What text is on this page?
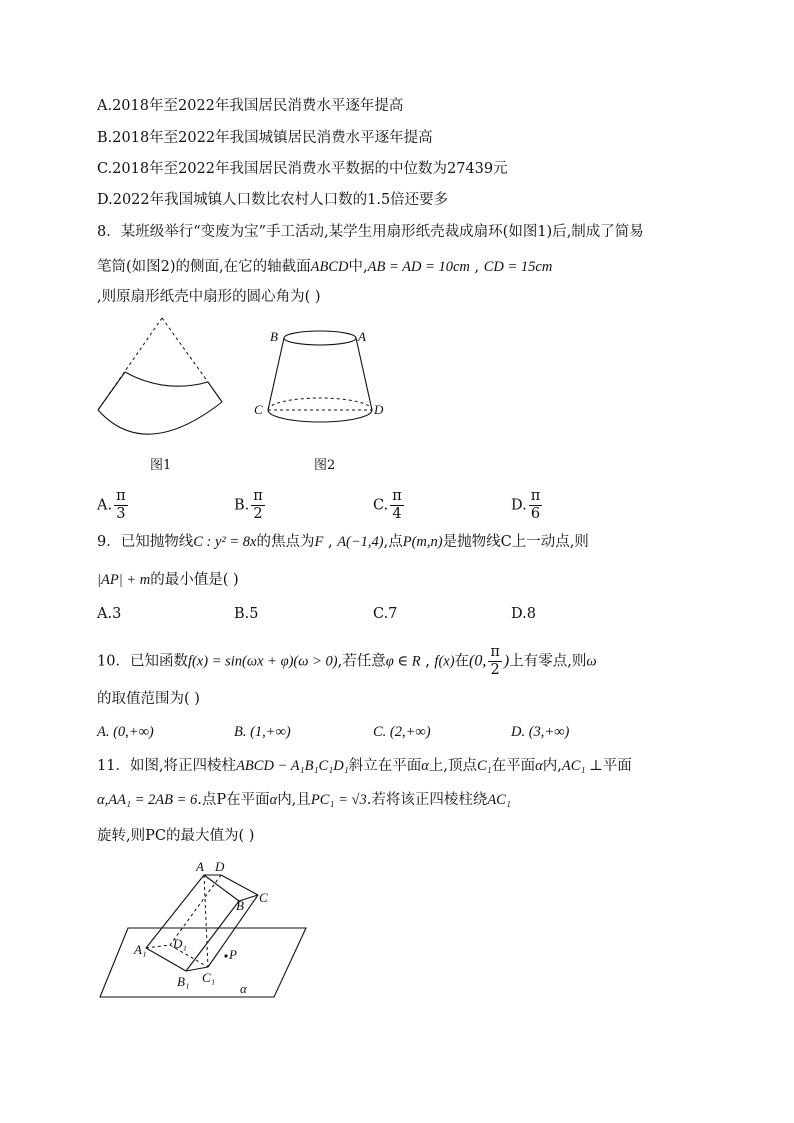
A.2018年至2022年我国居民消费水平逐年提高
B.2018年至2022年我国城镇居民消费水平逐年提高
C.2018年至2022年我国居民消费水平数据的中位数为27439元
D.2022年我国城镇人口数比农村人口数的1.5倍还要多
8．某班级举行“变废为宝”手工活动,某学生用扇形纸壳裁成扇环(如图1)后,制成了简易
笔筒(如图2)的侧面,在它的轴截面ABCD中,AB = AD = 10cm , CD = 15cm
,则原扇形纸壳中扇形的圆心角为( )
图1
B	A
C	D
图2
A. $\frac{\pi}{3}$	B. $\frac{\pi}{2}$	C. $\frac{\pi}{4}$	D. $\frac{\pi}{6}$
9．已知抛物线C : y² = 8x的焦点为F , A(−1,4),点P(m,n)是抛物线C上一动点,则
|AP| + m的最小值是( )
A.3	B.5	C.7	D.8
10．已知函数f(x) = sin(ωx + φ)(ω > 0),若任意φ ∈ R , f(x)在(0, $\frac{\pi}{2}$ )上有零点,则ω
的取值范围为( )
A. (0,+∞)	B. (1,+∞)	C. (2,+∞)	D. (3,+∞)
11．如图,将正四棱柱ABCD − A₁B₁C₁D₁斜立在平面α上,顶点C₁在平面α内,AC₁ ⊥平面
α,AA₁ = 2AB = 6.点P在平面α内,且PC₁ = √3.若将该正四棱柱绕AC₁
旋转,则PC的最大值为( )
A D
B
C
A₁ D₁
B₁ C₁
P
α
